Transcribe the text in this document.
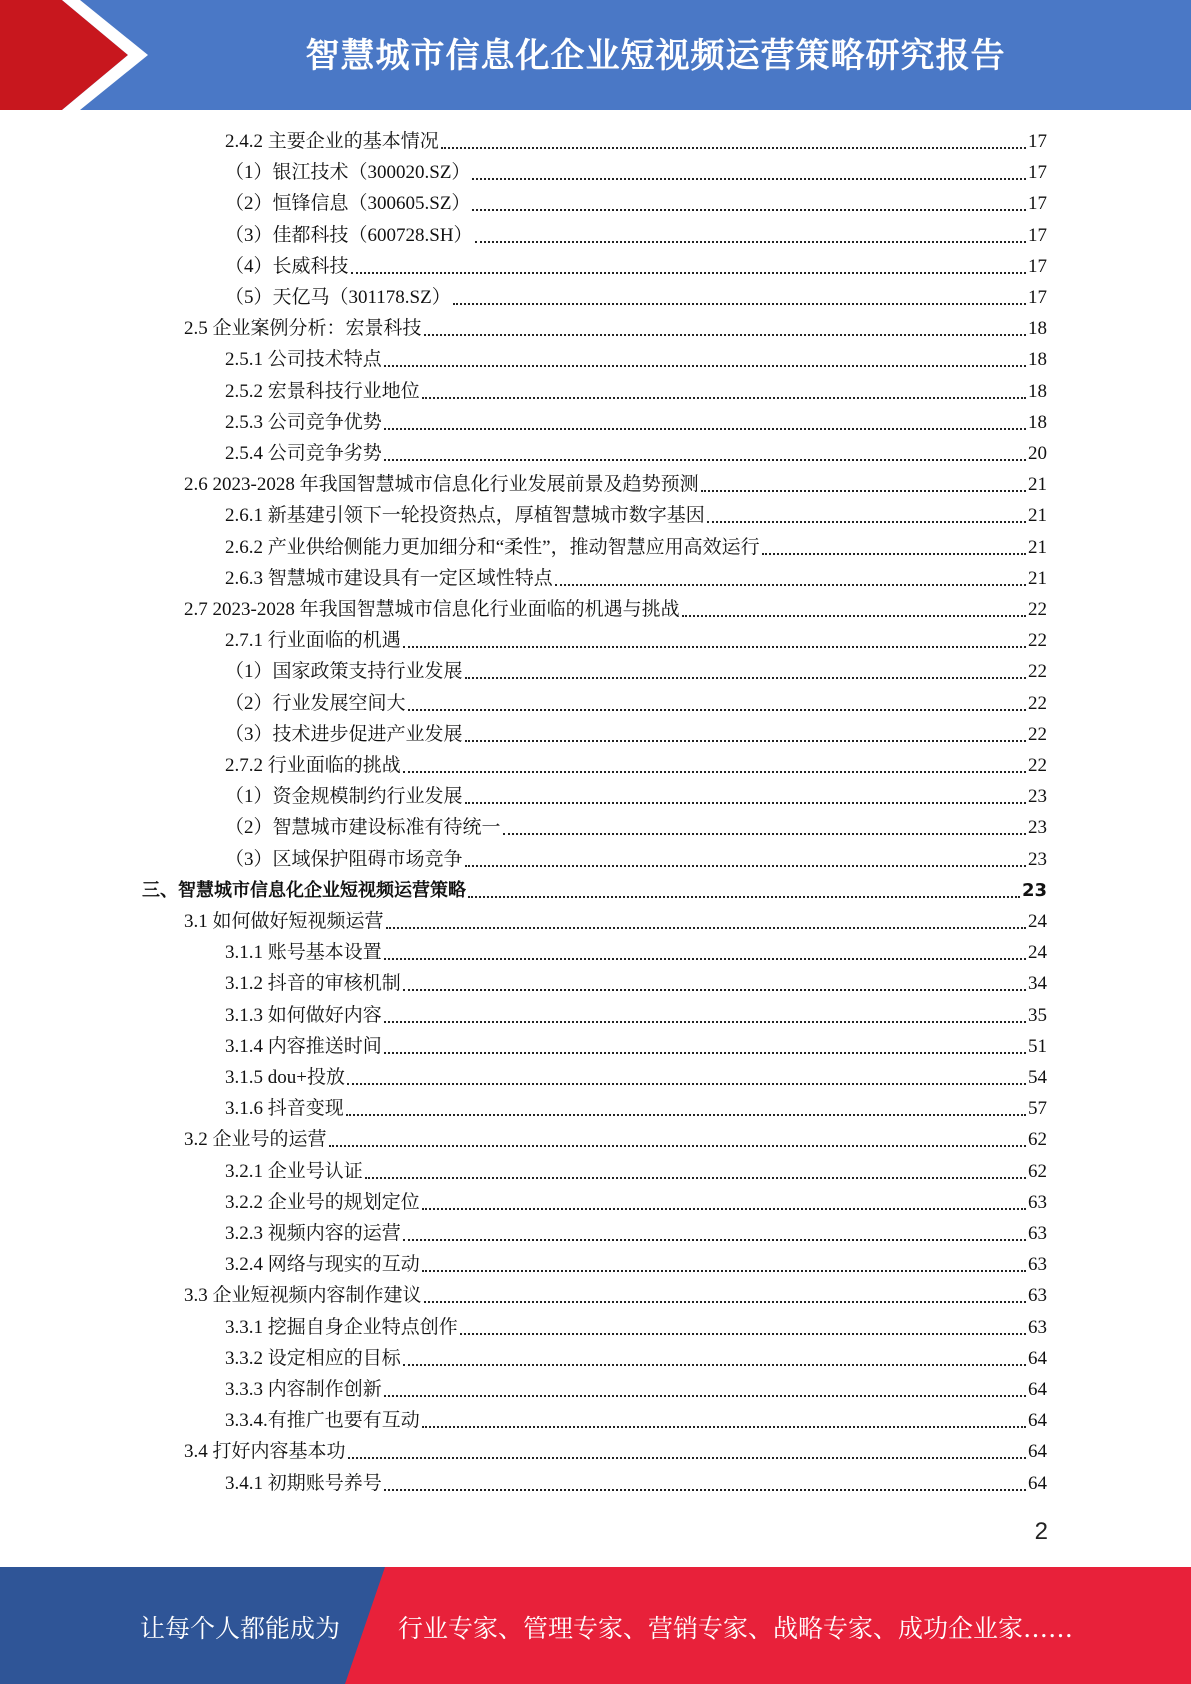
智慧城市信息化企业短视频运营策略研究报告
2.4.2 主要企业的基本情况	17
（1）银江技术（300020.SZ）	17
（2）恒锋信息（300605.SZ）	17
（3）佳都科技（600728.SH）	17
（4）长威科技	17
（5）天亿马（301178.SZ）	17
2.5 企业案例分析：宏景科技	18
2.5.1 公司技术特点	18
2.5.2 宏景科技行业地位	18
2.5.3 公司竞争优势	18
2.5.4 公司竞争劣势	20
2.6 2023-2028 年我国智慧城市信息化行业发展前景及趋势预测	21
2.6.1 新基建引领下一轮投资热点，厚植智慧城市数字基因	21
2.6.2 产业供给侧能力更加细分和“柔性”，推动智慧应用高效运行	21
2.6.3 智慧城市建设具有一定区域性特点	21
2.7 2023-2028 年我国智慧城市信息化行业面临的机遇与挑战	22
2.7.1 行业面临的机遇	22
（1）国家政策支持行业发展	22
（2）行业发展空间大	22
（3）技术进步促进产业发展	22
2.7.2 行业面临的挑战	22
（1）资金规模制约行业发展	23
（2）智慧城市建设标准有待统一	23
（3）区域保护阻碍市场竞争	23
三、智慧城市信息化企业短视频运营策略	23
3.1 如何做好短视频运营	24
3.1.1 账号基本设置	24
3.1.2 抖音的审核机制	34
3.1.3 如何做好内容	35
3.1.4 内容推送时间	51
3.1.5 dou+投放	54
3.1.6 抖音变现	57
3.2 企业号的运营	62
3.2.1 企业号认证	62
3.2.2 企业号的规划定位	63
3.2.3 视频内容的运营	63
3.2.4 网络与现实的互动	63
3.3 企业短视频内容制作建议	63
3.3.1 挖掘自身企业特点创作	63
3.3.2 设定相应的目标	64
3.3.3 内容制作创新	64
3.3.4.有推广也要有互动	64
3.4 打好内容基本功	64
3.4.1 初期账号养号	64
2
让每个人都能成为 行业专家、管理专家、营销专家、战略专家、成功企业家……
